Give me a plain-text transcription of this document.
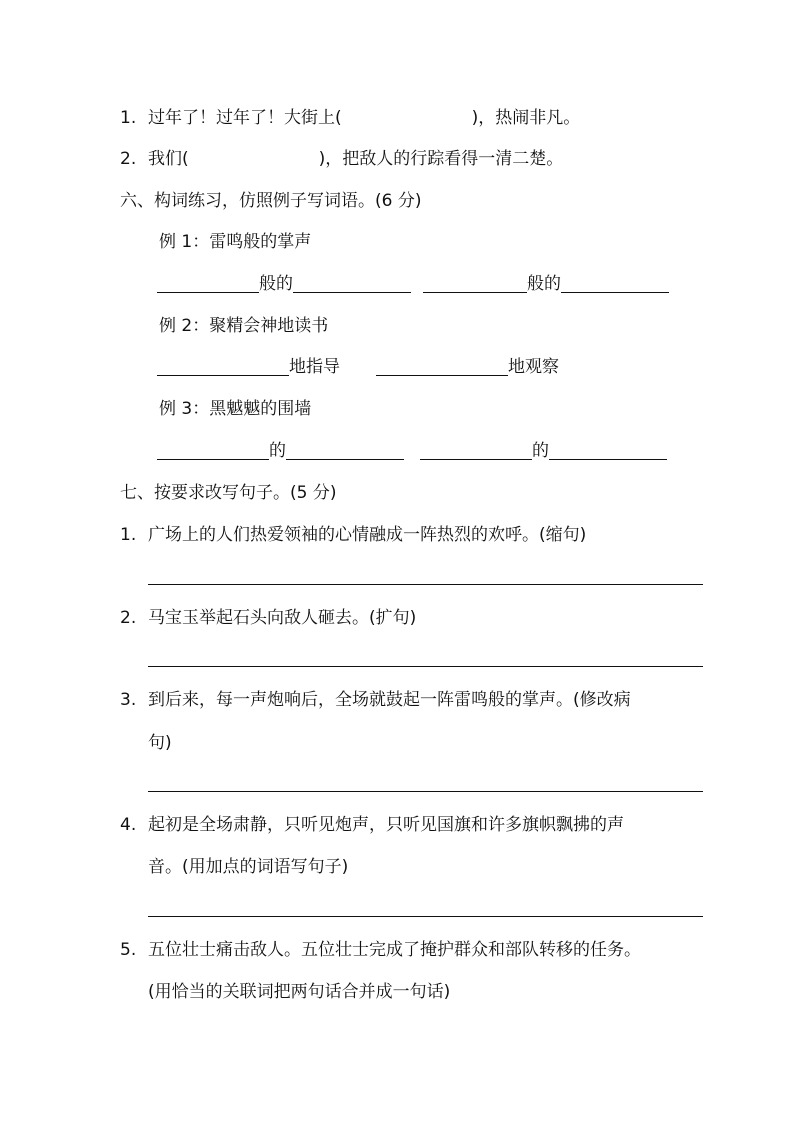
1. 过年了！过年了！大街上(	)，热闹非凡。
2. 我们(	)，把敌人的行踪看得一清二楚。
六、构词练习，仿照例子写词语。(6 分)
例 1：雷鸣般的掌声
般的	般的
例 2：聚精会神地读书
地指导	地观察
例 3：黑魆魆的围墙
的	的
七、按要求改写句子。(5 分)
1. 广场上的人们热爱领袖的心情融成一阵热烈的欢呼。(缩句)
2. 马宝玉举起石头向敌人砸去。(扩句)
3. 到后来，每一声炮响后，全场就鼓起一阵雷鸣般的掌声。(修改病
句)
4. 起初是全场肃静，只听见炮声，只听见国旗和许多旗帜飘拂的声
音。(用加点的词语写句子)
5. 五位壮士痛击敌人。五位壮士完成了掩护群众和部队转移的任务。
(用恰当的关联词把两句话合并成一句话)
